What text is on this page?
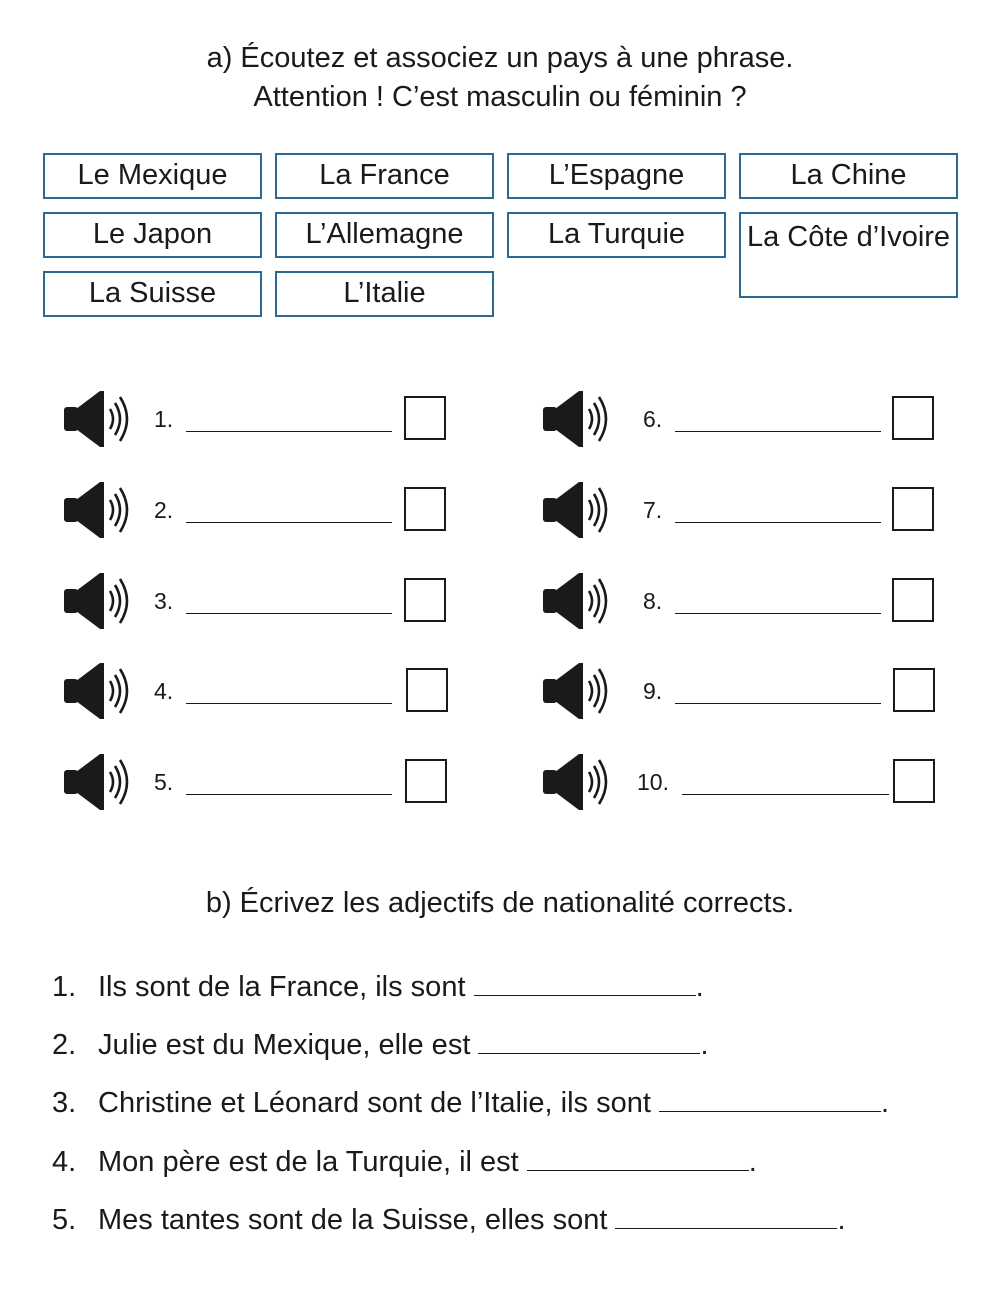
a) Écoutez et associez un pays à une phrase.
Attention ! C’est masculin ou féminin ?
Le Mexique	La France	L’Espagne	La Chine
Le Japon	L’Allemagne	La Turquie	La Côte d’Ivoire
La Suisse	L’Italie
1.
2.
3.
4.
5.
6.
7.
8.
9.
10.
b) Écrivez les adjectifs de nationalité corrects.
1. Ils sont de la France, ils sont	.
2. Julie est du Mexique, elle est	.
3. Christine et Léonard sont de l’Italie, ils sont	.
4. Mon père est de la Turquie, il est	.
5. Mes tantes sont de la Suisse, elles sont	.
